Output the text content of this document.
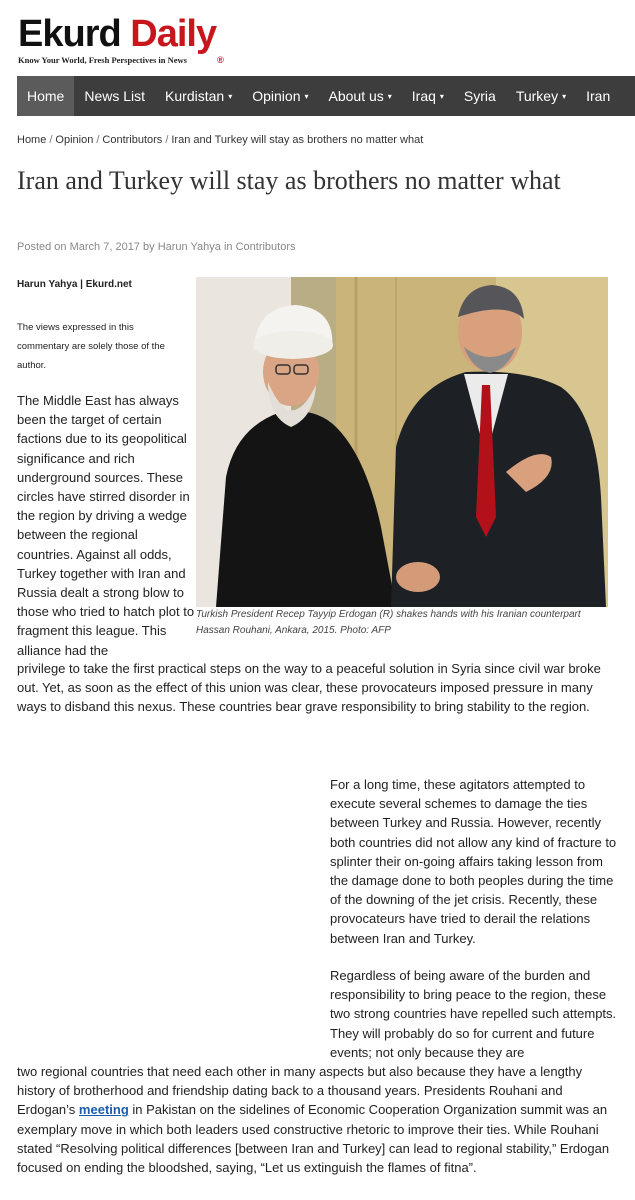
Ekurd Daily®
Know Your World, Fresh Perspectives in News
Home	News List	Kurdistan ▾	Opinion ▾	About us ▾	Iraq ▾	Syria	Turkey ▾	Iran
Home / Opinion / Contributors / Iran and Turkey will stay as brothers no matter what
Iran and Turkey will stay as brothers no matter what
Posted on March 7, 2017 by Harun Yahya in Contributors
Harun Yahya | Ekurd.net

The views expressed in this commentary are solely those of the author.

Turkish President Recep Tayyip Erdogan (R) shakes hands with his Iranian counterpart Hassan Rouhani, Ankara, 2015. Photo: AFP

The Middle East has always been the target of certain factions due to its geopolitical significance and rich underground sources. These circles have stirred disorder in the region by driving a wedge between the regional countries. Against all odds, Turkey together with Iran and Russia dealt a strong blow to those who tried to hatch plot to fragment this league. This alliance had the

privilege to take the first practical steps on the way to a peaceful solution in Syria since civil war broke out. Yet, as soon as the effect of this union was clear, these provocateurs imposed pressure in many ways to disband this nexus. These countries bear grave responsibility to bring stability to the region.

For a long time, these agitators attempted to execute several schemes to damage the ties between Turkey and Russia. However, recently both countries did not allow any kind of fracture to splinter their on-going affairs taking lesson from the damage done to both peoples during the time of the downing of the jet crisis. Recently, these provocateurs have tried to derail the relations between Iran and Turkey.

Regardless of being aware of the burden and responsibility to bring peace to the region, these two strong countries have repelled such attempts. They will probably do so for current and future events; not only because they are

two regional countries that need each other in many aspects but also because they have a lengthy history of brotherhood and friendship dating back to a thousand years. Presidents Rouhani and Erdogan’s meeting in Pakistan on the sidelines of Economic Cooperation Organization summit was an exemplary move in which both leaders used constructive rhetoric to improve their ties. While Rouhani stated “Resolving political differences [between Iran and Turkey] can lead to regional stability,” Erdogan focused on ending the bloodshed, saying, “Let us extinguish the flames of fitna”.
